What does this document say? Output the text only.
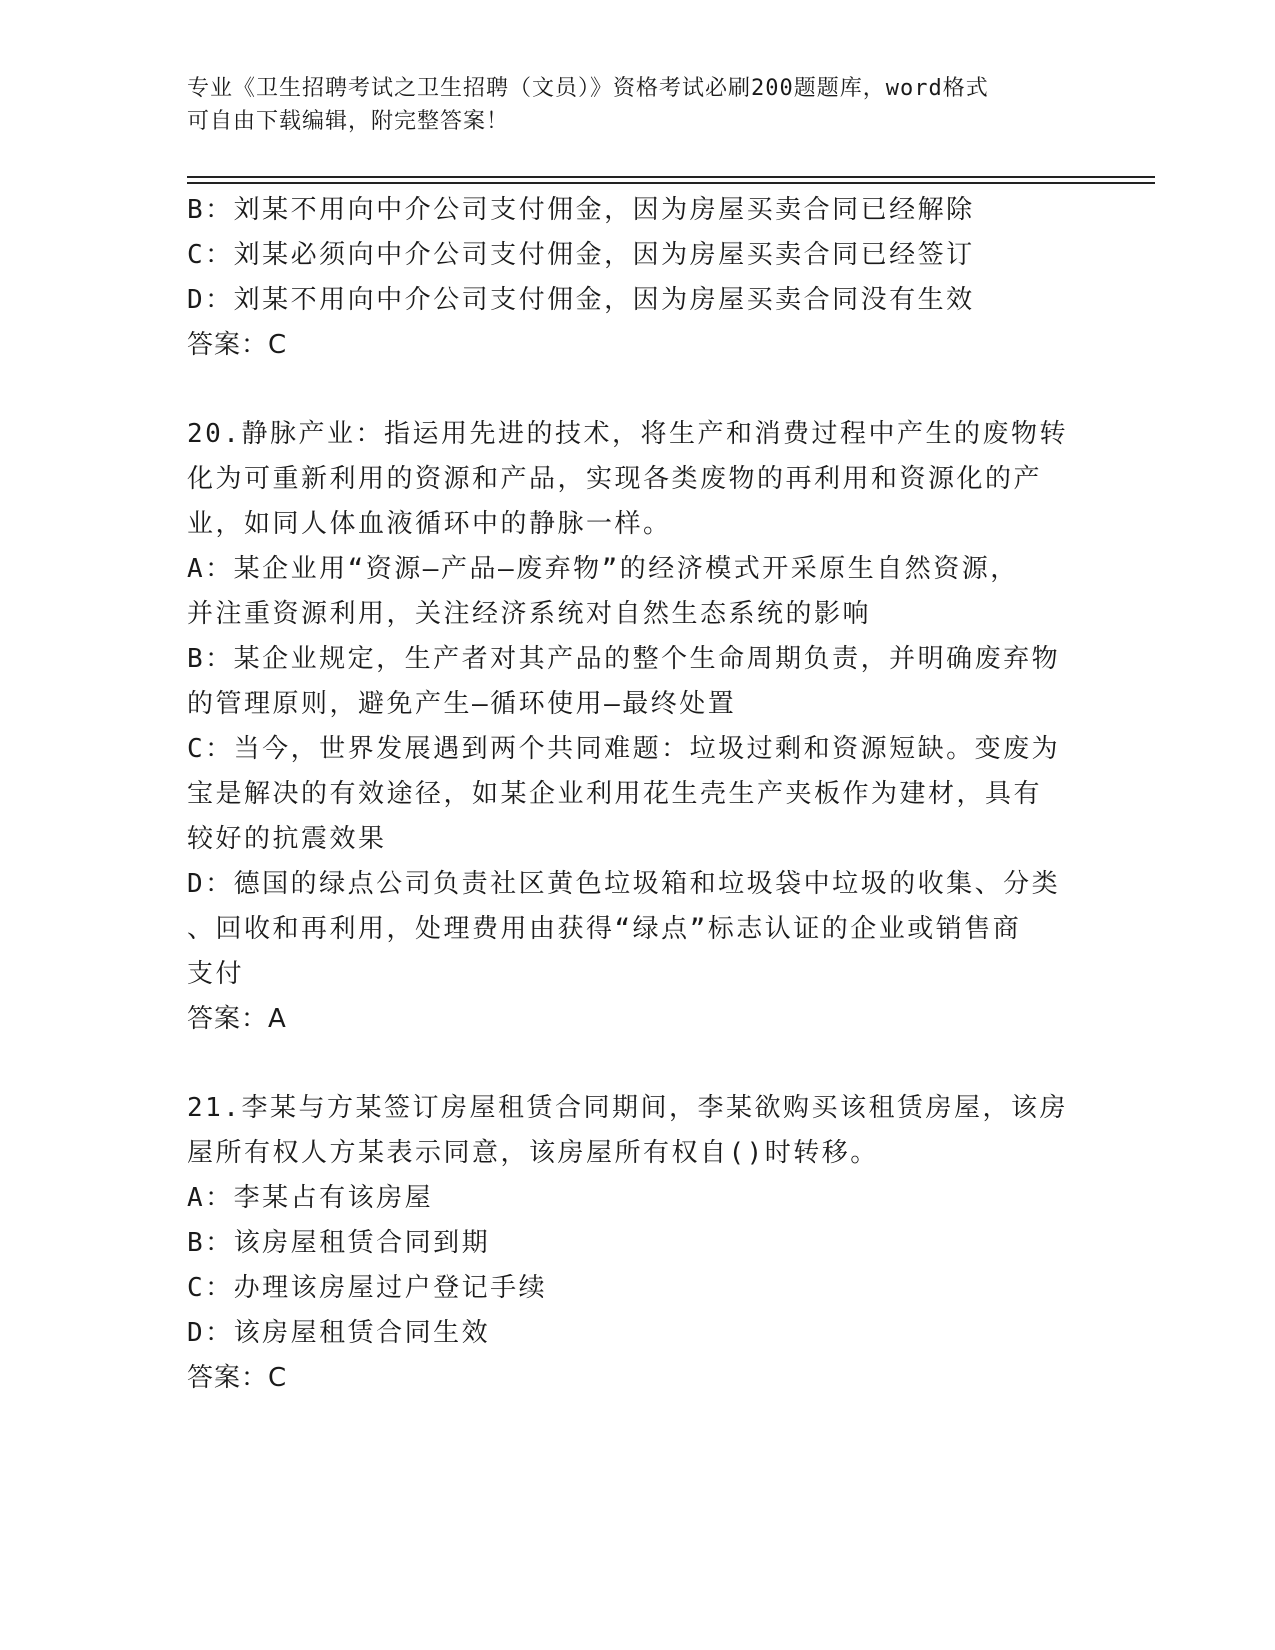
专业《卫生招聘考试之卫生招聘（文员）》资格考试必刷200题题库，word格式
可自由下载编辑，附完整答案！
B：刘某不用向中介公司支付佣金，因为房屋买卖合同已经解除
C：刘某必须向中介公司支付佣金，因为房屋买卖合同已经签订
D：刘某不用向中介公司支付佣金，因为房屋买卖合同没有生效
答案：C
20.静脉产业：指运用先进的技术，将生产和消费过程中产生的废物转
化为可重新利用的资源和产品，实现各类废物的再利用和资源化的产
业，如同人体血液循环中的静脉一样。
A：某企业用“资源—产品—废弃物”的经济模式开采原生自然资源，
并注重资源利用，关注经济系统对自然生态系统的影响
B：某企业规定，生产者对其产品的整个生命周期负责，并明确废弃物
的管理原则，避免产生—循环使用—最终处置
C：当今，世界发展遇到两个共同难题：垃圾过剩和资源短缺。变废为
宝是解决的有效途径，如某企业利用花生壳生产夹板作为建材，具有
较好的抗震效果
D：德国的绿点公司负责社区黄色垃圾箱和垃圾袋中垃圾的收集、分类
、回收和再利用，处理费用由获得“绿点”标志认证的企业或销售商
支付
答案：A
21.李某与方某签订房屋租赁合同期间，李某欲购买该租赁房屋，该房
屋所有权人方某表示同意，该房屋所有权自()时转移。
A：李某占有该房屋
B：该房屋租赁合同到期
C：办理该房屋过户登记手续
D：该房屋租赁合同生效
答案：C
